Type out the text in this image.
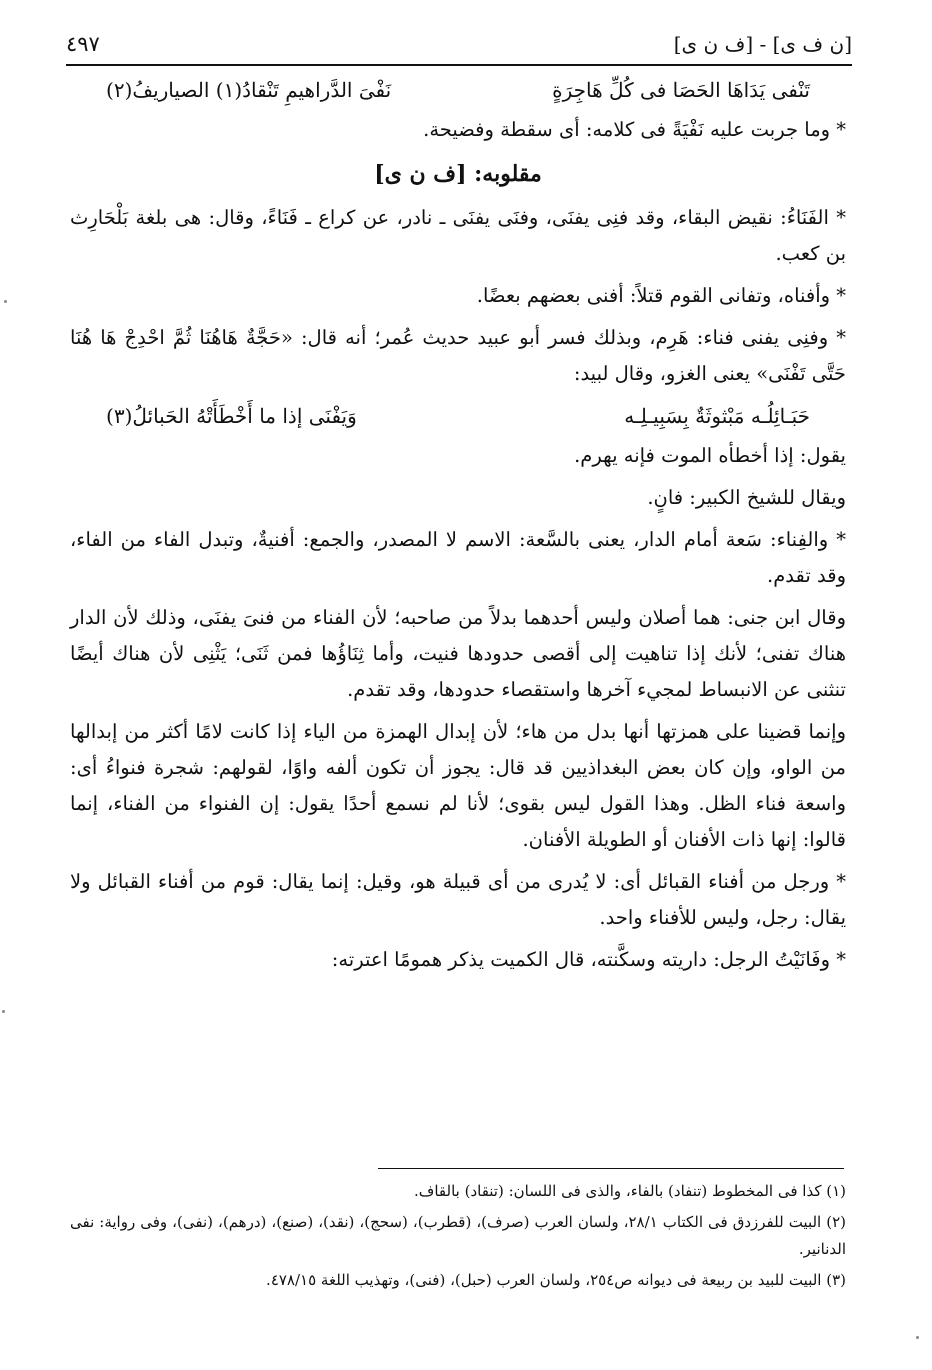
٤٩٧	[ن ف ى] - [ف ن ى]
تَنْفى يَدَاهَا الحَصَا فى كُلِّ هَاجِرَةٍ
نَفْىَ الدَّراهيمِ تَنْقادُ(١) الصياريفُ(٢)

* وما جربت عليه نَفْيَةً فى كلامه: أى سقطة وفضيحة.

مقلوبه: [ف ن ى]

* الفَنَاءُ: نقيض البقاء، وقد فنِى يفنَى، وفنَى يفنَى ـ نادر، عن كراع ـ فَنَاءً، وقال: هى بلغة بَلْحَارِث بن كعب.

* وأفناه، وتفانى القوم قتلاً: أفنى بعضهم بعضًا.

* وفنِى يفنى فناء: هَرِم، وبذلك فسر أبو عبيد حديث عُمر؛ أنه قال: «حَجَّةٌ هَاهُنَا ثُمَّ احْدِجْ هَا هُنَا حَتَّى تَفْنَى» يعنى الغزو، وقال لبيد:

حَبَـائِلُـه مَبْثوثَةٌ بِسَبِيـلِـه
وَيَفْنَى إذا ما أَخْطَأَتْهُ الحَبائلُ(٣)

يقول: إذا أخطأه الموت فإنه يهرم.

ويقال للشيخ الكبير: فانٍ.

* والفِناء: سَعة أمام الدار، يعنى بالسَّعة: الاسم لا المصدر، والجمع: أفنيةٌ، وتبدل الفاء من الفاء، وقد تقدم.

وقال ابن جنى: هما أصلان وليس أحدهما بدلاً من صاحبه؛ لأن الفناء من فنىَ يفنَى، وذلك لأن الدار هناك تفنى؛ لأنك إذا تناهيت إلى أقصى حدودها فنيت، وأما ثِنَاؤُها فمن ثَنَى؛ يَثْنِى لأن هناك أيضًا تنثنى عن الانبساط لمجيء آخرها واستقصاء حدودها، وقد تقدم.

وإنما قضينا على همزتها أنها بدل من هاء؛ لأن إبدال الهمزة من الياء إذا كانت لامًا أكثر من إبدالها من الواو، وإن كان بعض البغداذيين قد قال: يجوز أن تكون ألفه واوًا، لقولهم: شجرة فنواءُ أى: واسعة فناء الظل. وهذا القول ليس بقوى؛ لأنا لم نسمع أحدًا يقول: إن الفنواء من الفناء، إنما قالوا: إنها ذات الأفنان أو الطويلة الأفنان.

* ورجل من أفناء القبائل أى: لا يُدرى من أى قبيلة هو، وقيل: إنما يقال: قوم من أفناء القبائل ولا يقال: رجل، وليس للأفناء واحد.

* وفَانَيْتُ الرجل: داريته وسكَّنته، قال الكميت يذكر همومًا اعترته:

(١) كذا فى المخطوط (تنفاد) بالفاء، والذى فى اللسان: (تنقاد) بالقاف.

(٢) البيت للفرزدق فى الكتاب ٢٨/١، ولسان العرب (صرف)، (قطرب)، (سحج)، (نقد)، (صنع)، (درهم)، (نفى)، وفى رواية: نفى الدنانير.

(٣) البيت للبيد بن ربيعة فى ديوانه ص٢٥٤، ولسان العرب (حبل)، (فنى)، وتهذيب اللغة ٤٧٨/١٥.
